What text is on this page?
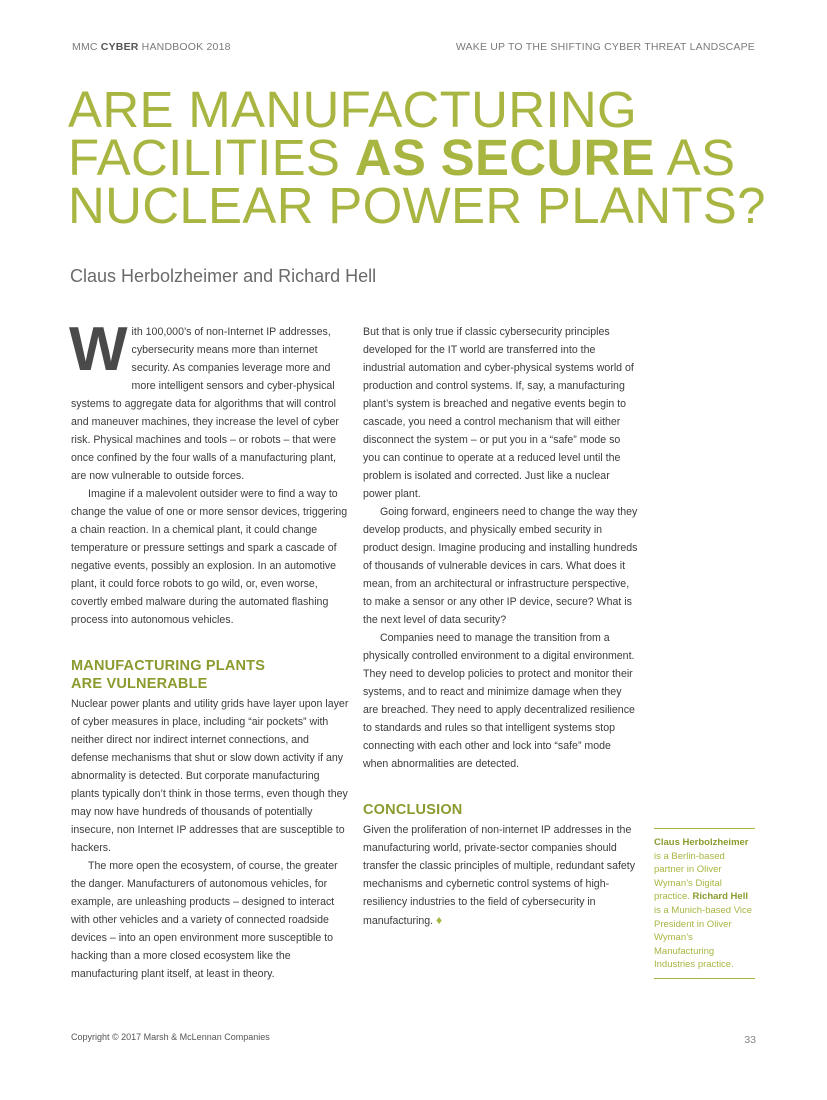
MMC CYBER HANDBOOK 2018	WAKE UP TO THE SHIFTING CYBER THREAT LANDSCAPE
ARE MANUFACTURING
FACILITIES AS SECURE AS
NUCLEAR POWER PLANTS?
Claus Herbolzheimer and Richard Hell

With 100,000’s of non-Internet IP addresses, cybersecurity means more than internet security. As companies leverage more and more intelligent sensors and cyber-physical systems to aggregate data for algorithms that will control and maneuver machines, they increase the level of cyber risk. Physical machines and tools – or robots – that were once confined by the four walls of a manufacturing plant, are now vulnerable to outside forces.

Imagine if a malevolent outsider were to find a way to change the value of one or more sensor devices, triggering a chain reaction. In a chemical plant, it could change temperature or pressure settings and spark a cascade of negative events, possibly an explosion. In an automotive plant, it could force robots to go wild, or, even worse, covertly embed malware during the automated flashing process into autonomous vehicles.

MANUFACTURING PLANTS
ARE VULNERABLE

Nuclear power plants and utility grids have layer upon layer of cyber measures in place, including “air pockets” with neither direct nor indirect internet connections, and defense mechanisms that shut or slow down activity if any abnormality is detected. But corporate manufacturing plants typically don’t think in those terms, even though they may now have hundreds of thousands of potentially insecure, non Internet IP addresses that are susceptible to hackers.

The more open the ecosystem, of course, the greater the danger. Manufacturers of autonomous vehicles, for example, are unleashing products – designed to interact with other vehicles and a variety of connected roadside devices – into an open environment more susceptible to hacking than a more closed ecosystem like the manufacturing plant itself, at least in theory.

But that is only true if classic cybersecurity principles developed for the IT world are transferred into the industrial automation and cyber-physical systems world of production and control systems. If, say, a manufacturing plant’s system is breached and negative events begin to cascade, you need a control mechanism that will either disconnect the system – or put you in a “safe” mode so you can continue to operate at a reduced level until the problem is isolated and corrected. Just like a nuclear power plant.

Going forward, engineers need to change the way they develop products, and physically embed security in product design. Imagine producing and installing hundreds of thousands of vulnerable devices in cars. What does it mean, from an architectural or infrastructure perspective, to make a sensor or any other IP device, secure? What is the next level of data security?

Companies need to manage the transition from a physically controlled environment to a digital environment. They need to develop policies to protect and monitor their systems, and to react and minimize damage when they are breached. They need to apply decentralized resilience to standards and rules so that intelligent systems stop connecting with each other and lock into “safe” mode when abnormalities are detected.

CONCLUSION

Given the proliferation of non-internet IP addresses in the manufacturing world, private-sector companies should transfer the classic principles of multiple, redundant safety mechanisms and cybernetic control systems of high-resiliency industries to the field of cybersecurity in manufacturing. ♦

Claus Herbolzheimer is a Berlin-based partner in Oliver Wyman’s Digital practice. Richard Hell is a Munich-based Vice President in Oliver Wyman’s Manufacturing Industries practice.
Copyright © 2017 Marsh & McLennan Companies	33
